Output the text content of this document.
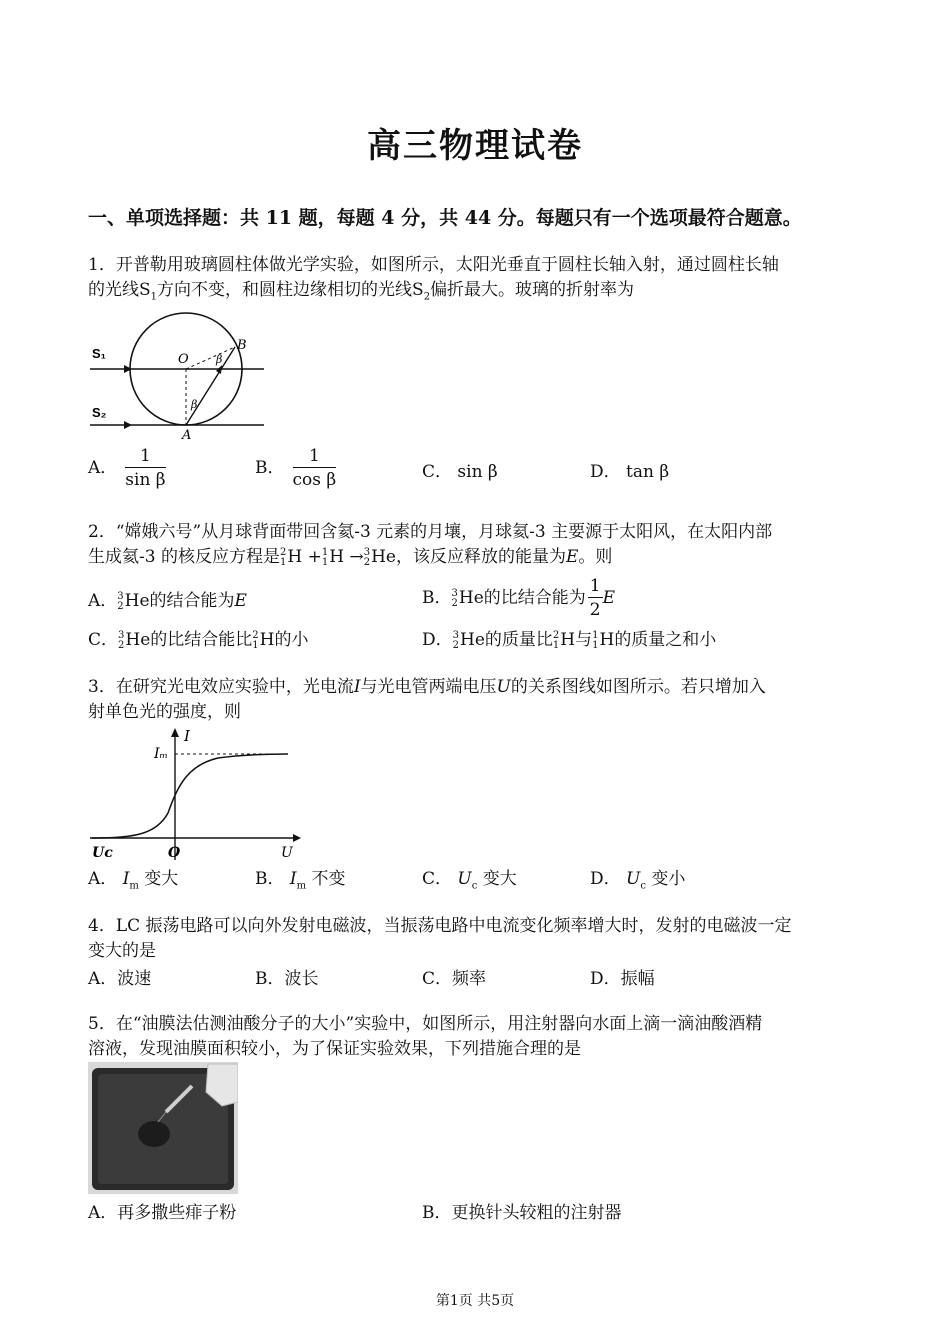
高三物理试卷
一、单项选择题：共 11 题，每题 4 分，共 44 分。每题只有一个选项最符合题意。
1．开普勒用玻璃圆柱体做光学实验，如图所示，太阳光垂直于圆柱长轴入射，通过圆柱长轴
的光线$S_1$方向不变，和圆柱边缘相切的光线$S_2$偏折最大。玻璃的折射率为
S₁
S₂
O
A
B
β
β
A． $\frac{1}{\text{sin β}}$	B． $\frac{1}{\text{cos β}}$	C． sin β	D． tan β
2．“嫦娥六号”从月球背面带回含氦-3 元素的月壤，月球氦-3 主要源于太阳风，在太阳内部
生成氦-3 的核反应方程是 2
1 H + 1
1 H → 3
2 He，该反应释放的能量为E。则
A． 3
2 He的结合能为E	B． 3
2 He的比结合能为 $\frac{1}{2}$ E
C． 3
2 He的比结合能比 2
1 H的小	D． 3
2 He的质量比 2
1 H与 1
1 H的质量之和小
3．在研究光电效应实验中，光电流I与光电管两端电压U的关系图线如图所示。若只增加入
射单色光的强度，则
I
Iₘ
Uᴄ	O	U
A． $I_m$ 变大	B． $I_m$ 不变	C． $U_c$ 变大	D． $U_c$ 变小
4．LC 振荡电路可以向外发射电磁波，当振荡电路中电流变化频率增大时，发射的电磁波一定
变大的是
A．波速	B．波长	C．频率	D．振幅
5．在“油膜法估测油酸分子的大小”实验中，如图所示，用注射器向水面上滴一滴油酸酒精
溶液，发现油膜面积较小，为了保证实验效果，下列措施合理的是
A．再多撒些痱子粉	B．更换针头较粗的注射器
第1页 共5页
